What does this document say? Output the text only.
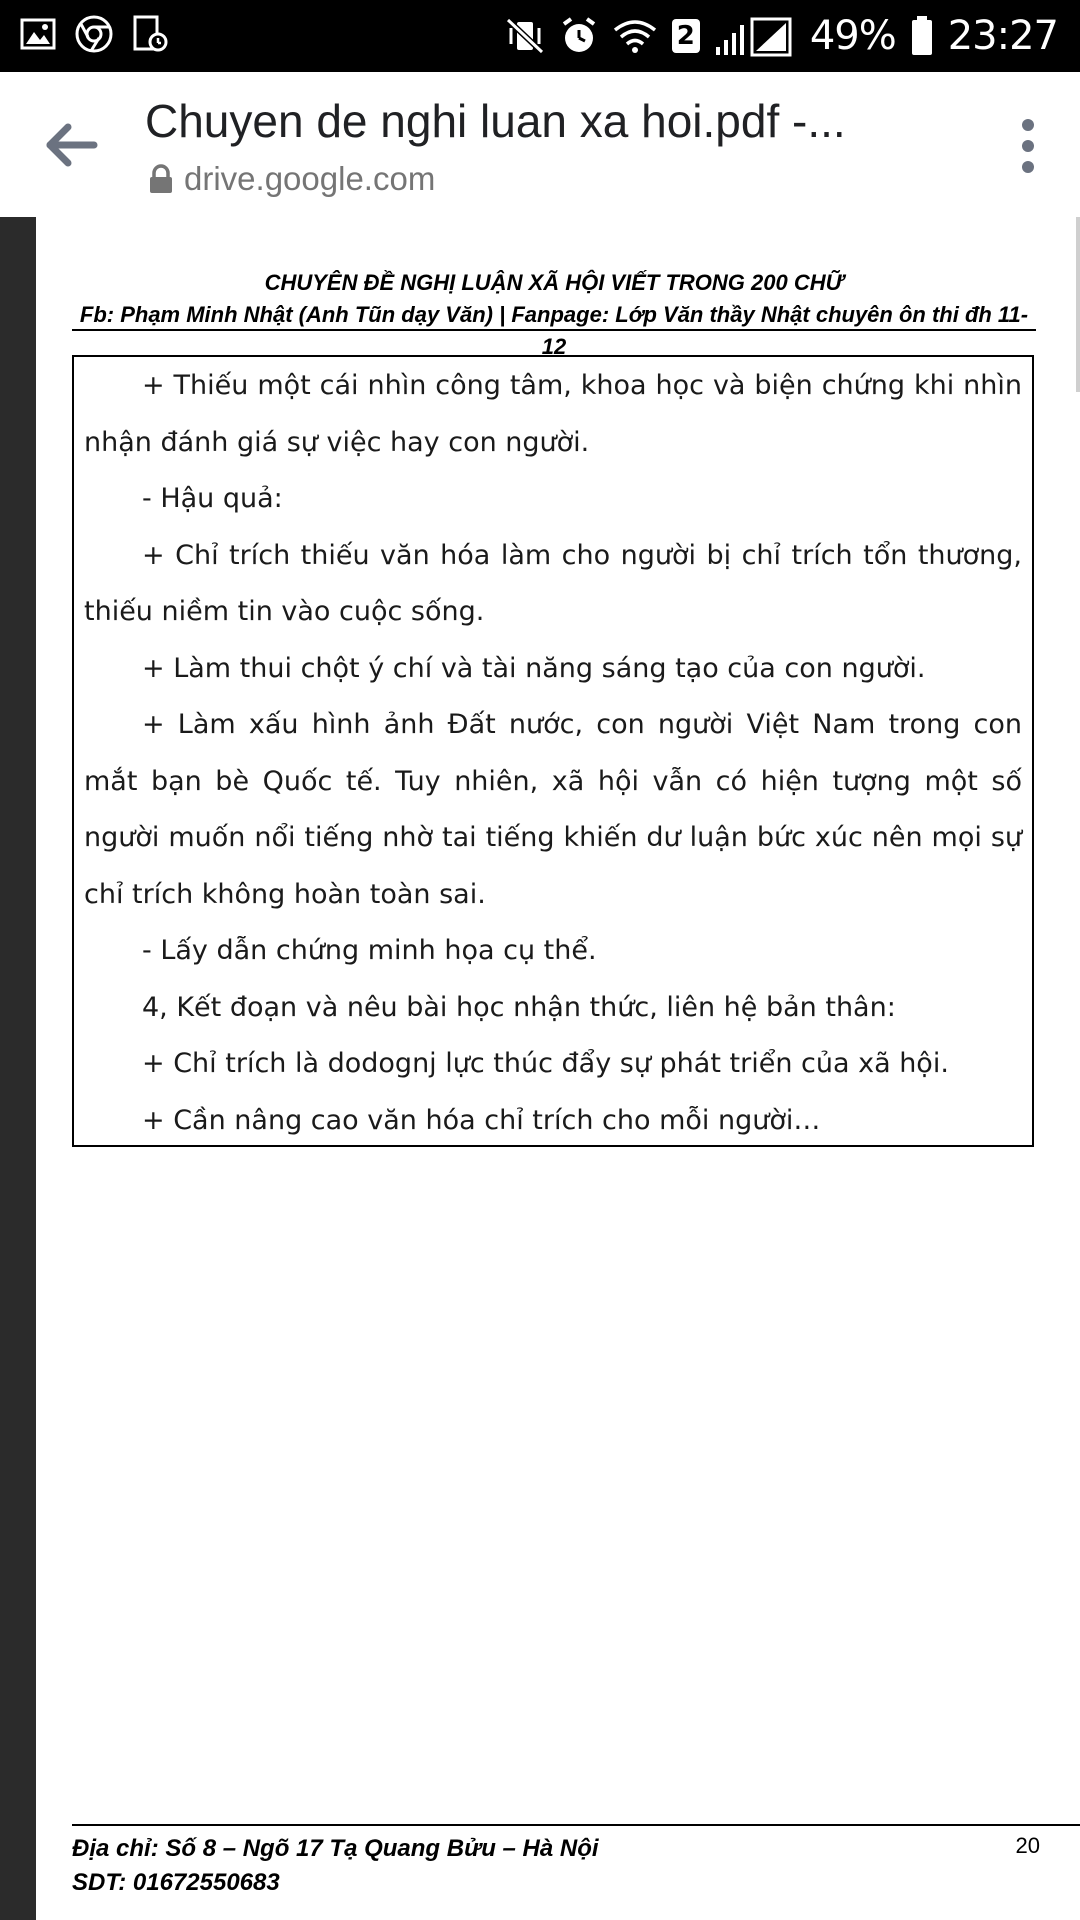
2	49% 23:27
Chuyen de nghi luan xa hoi.pdf -...
drive.google.com
CHUYÊN ĐỀ NGHỊ LUẬN XÃ HỘI VIẾT TRONG 200 CHỮ
Fb: Phạm Minh Nhật (Anh Tũn dạy Văn) | Fanpage: Lớp Văn thầy Nhật chuyên ôn thi đh 11-12

+ Thiếu một cái nhìn công tâm, khoa học và biện chứng khi nhìn nhận đánh giá sự việc hay con người.

- Hậu quả:

+ Chỉ trích thiếu văn hóa làm cho người bị chỉ trích tổn thương, thiếu niềm tin vào cuộc sống.

+ Làm thui chột ý chí và tài năng sáng tạo của con người.

+ Làm xấu hình ảnh Đất nước, con người Việt Nam trong con mắt bạn bè Quốc tế. Tuy nhiên, xã hội vẫn có hiện tượng một số người muốn nổi tiếng nhờ tai tiếng khiến dư luận bức xúc nên mọi sự chỉ trích không hoàn toàn sai.

- Lấy dẫn chứng minh họa cụ thể.

4, Kết đoạn và nêu bài học nhận thức, liên hệ bản thân:

+ Chỉ trích là dodognj lực thúc đẩy sự phát triển của xã hội.

+ Cần nâng cao văn hóa chỉ trích cho mỗi người…

Địa chỉ: Số 8 – Ngõ 17 Tạ Quang Bửu – Hà Nội
SDT: 01672550683
20
